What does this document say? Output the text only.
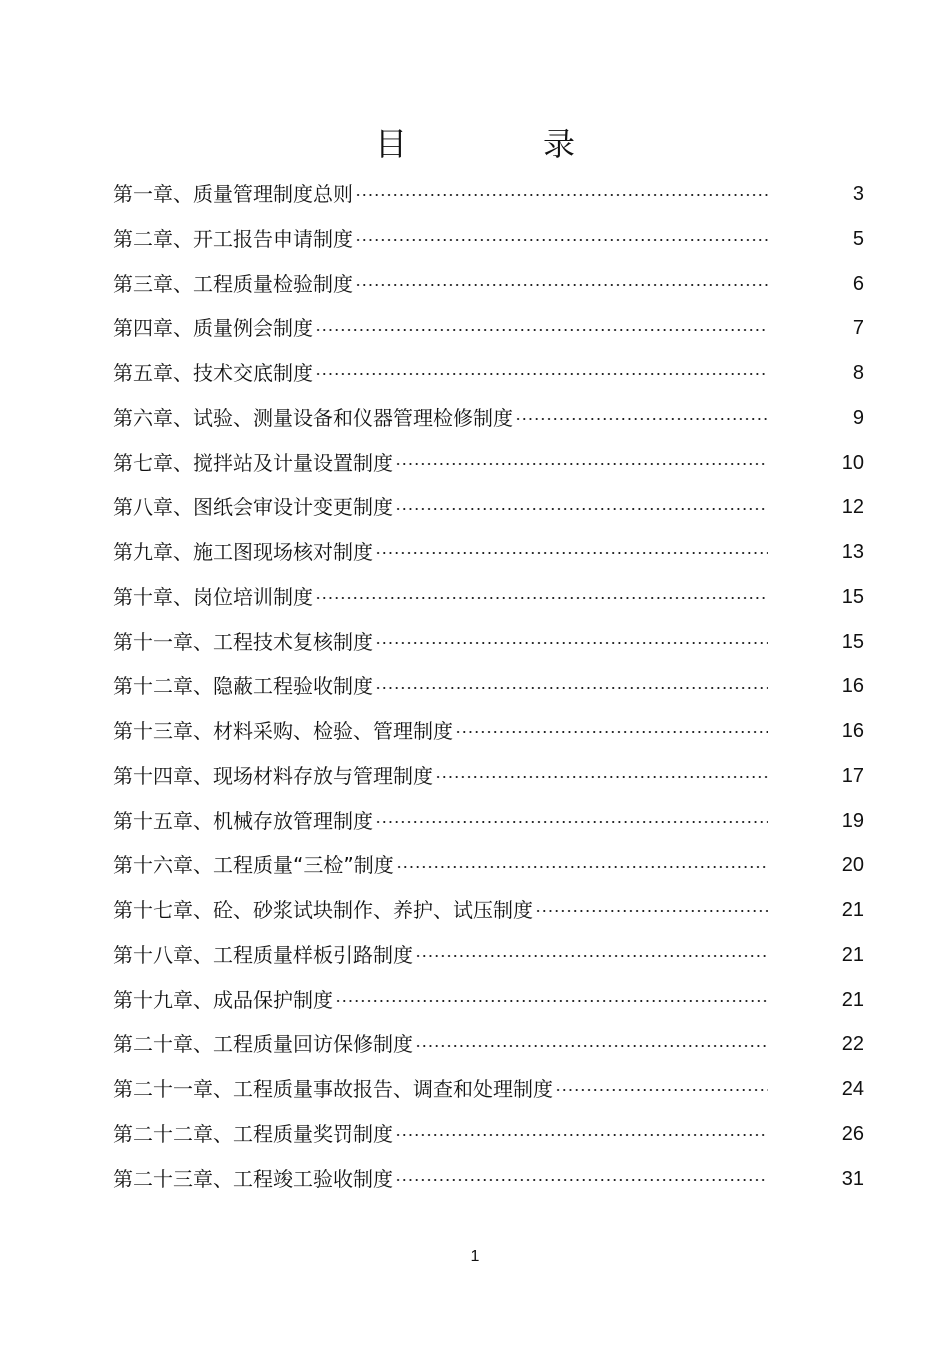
目　录
第一章、质量管理制度总则	3
第二章、开工报告申请制度	5
第三章、工程质量检验制度	6
第四章、质量例会制度	7
第五章、技术交底制度	8
第六章、试验、测量设备和仪器管理检修制度	9
第七章、搅拌站及计量设置制度	10
第八章、图纸会审设计变更制度	12
第九章、施工图现场核对制度	13
第十章、岗位培训制度	15
第十一章、工程技术复核制度	15
第十二章、隐蔽工程验收制度	16
第十三章、材料采购、检验、管理制度	16
第十四章、现场材料存放与管理制度	17
第十五章、机械存放管理制度	19
第十六章、工程质量“三检”制度	20
第十七章、砼、砂浆试块制作、养护、试压制度	21
第十八章、工程质量样板引路制度	21
第十九章、成品保护制度	21
第二十章、工程质量回访保修制度	22
第二十一章、工程质量事故报告、调查和处理制度	24
第二十二章、工程质量奖罚制度	26
第二十三章、工程竣工验收制度	31
1
